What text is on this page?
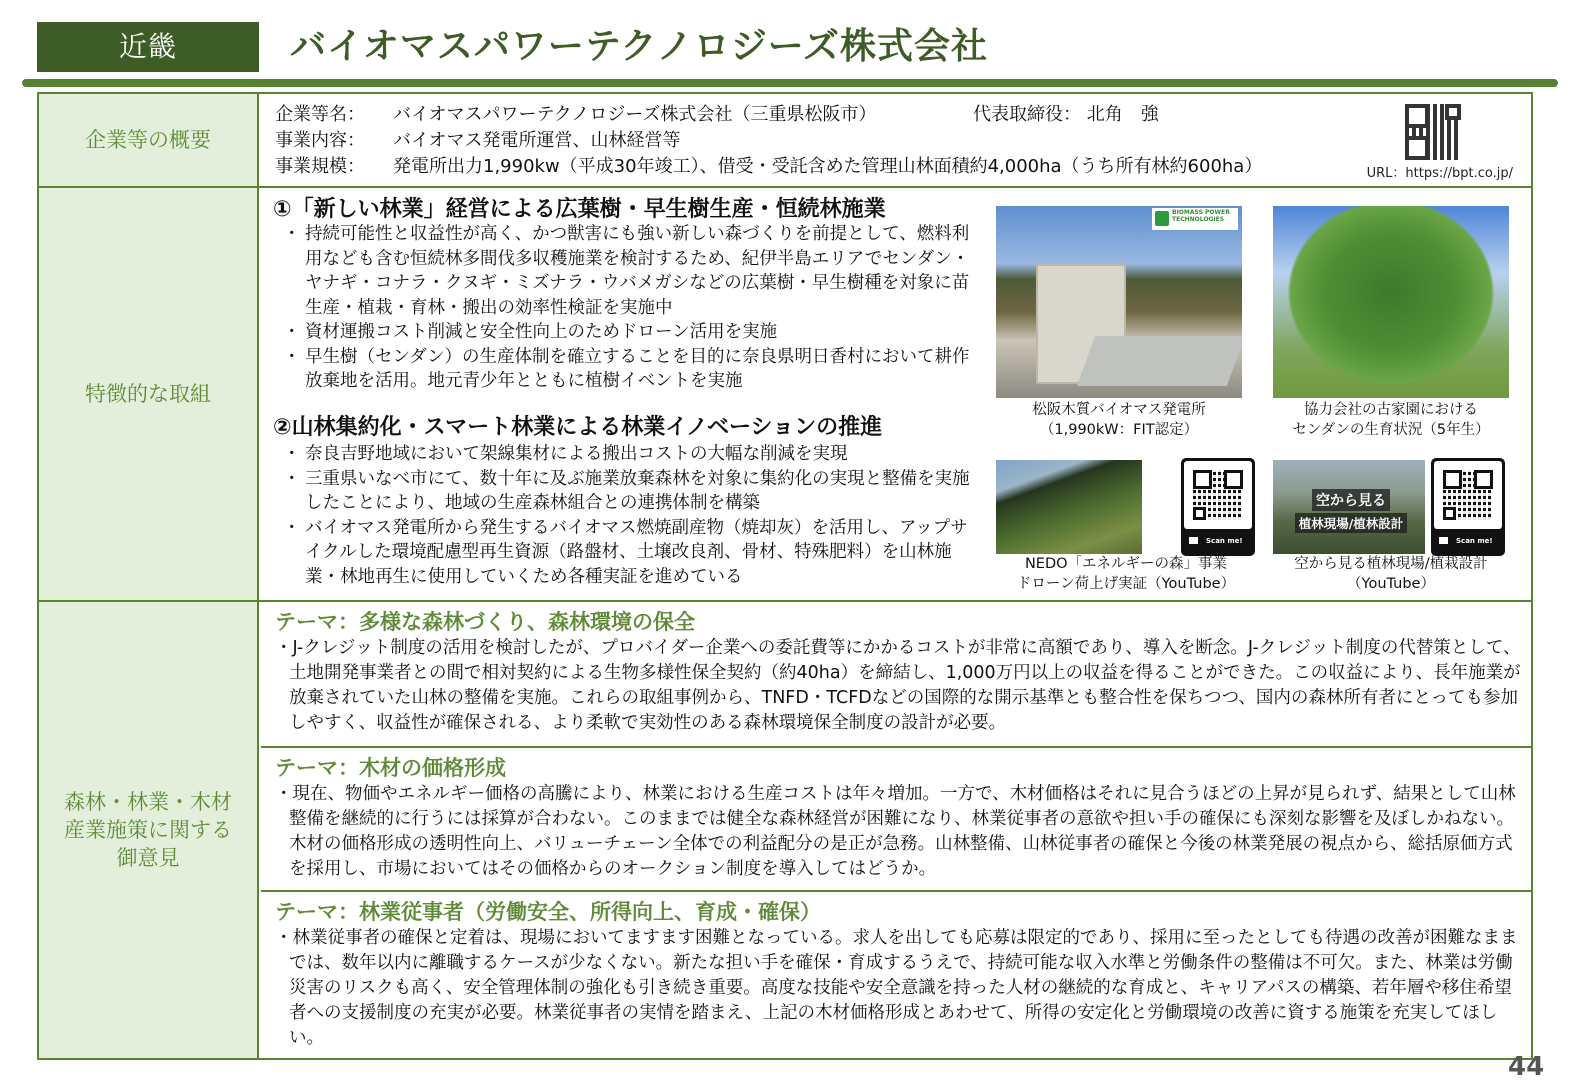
近畿	バイオマスパワーテクノロジーズ株式会社
企業等の概要
企業等名： バイオマスパワーテクノロジーズ株式会社（三重県松阪市）	代表取締役： 北角　強
事業内容： バイオマス発電所運営、山林経営等
事業規模： 発電所出力1,990kw（平成30年竣工）、借受・受託含めた管理山林面積約4,000ha（うち所有林約600ha）	URL：https://bpt.co.jp/
特徴的な取組
①「新しい林業」経営による広葉樹・早生樹生産・恒続林施業
・ 持続可能性と収益性が高く、かつ獣害にも強い新しい森づくりを前提として、燃料利用なども含む恒続林多間伐多収穫施業を検討するため、紀伊半島エリアでセンダン・ヤナギ・コナラ・クヌギ・ミズナラ・ウバメガシなどの広葉樹・早生樹種を対象に苗生産・植栽・育林・搬出の効率性検証を実施中
・ 資材運搬コスト削減と安全性向上のためドローン活用を実施
・ 早生樹（センダン）の生産体制を確立することを目的に奈良県明日香村において耕作放棄地を活用。地元青少年とともに植樹イベントを実施
②山林集約化・スマート林業による林業イノベーションの推進
・ 奈良吉野地域において架線集材による搬出コストの大幅な削減を実現
・ 三重県いなべ市にて、数十年に及ぶ施業放棄森林を対象に集約化の実現と整備を実施したことにより、地域の生産森林組合との連携体制を構築
・ バイオマス発電所から発生するバイオマス燃焼副産物（焼却灰）を活用し、アップサイクルした環境配慮型再生資源（路盤材、土壌改良剤、骨材、特殊肥料）を山林施業・林地再生に使用していくため各種実証を進めている
BIOMASS POWER TECHNOLOGIES
松阪木質バイオマス発電所
（1,990kW：FIT認定）
協力会社の古家園における
センダンの生育状況（5年生）
Scan me!
NEDO「エネルギーの森」事業
ドローン荷上げ実証（YouTube）
空から見る
植林現場/植林設計
Scan me!
空から見る植林現場/植栽設計
（YouTube）
森林・林業・木材産業施策に関する御意見
テーマ：多様な森林づくり、森林環境の保全
・J-クレジット制度の活用を検討したが、プロバイダー企業への委託費等にかかるコストが非常に高額であり、導入を断念。J-クレジット制度の代替策として、土地開発事業者との間で相対契約による生物多様性保全契約（約40ha）を締結し、1,000万円以上の収益を得ることができた。この収益により、長年施業が放棄されていた山林の整備を実施。これらの取組事例から、TNFD・TCFDなどの国際的な開示基準とも整合性を保ちつつ、国内の森林所有者にとっても参加しやすく、収益性が確保される、より柔軟で実効性のある森林環境保全制度の設計が必要。
テーマ：木材の価格形成
・現在、物価やエネルギー価格の高騰により、林業における生産コストは年々増加。一方で、木材価格はそれに見合うほどの上昇が見られず、結果として山林整備を継続的に行うには採算が合わない。このままでは健全な森林経営が困難になり、林業従事者の意欲や担い手の確保にも深刻な影響を及ぼしかねない。木材の価格形成の透明性向上、バリューチェーン全体での利益配分の是正が急務。山林整備、山林従事者の確保と今後の林業発展の視点から、総括原価方式を採用し、市場においてはその価格からのオークション制度を導入してはどうか。
テーマ：林業従事者（労働安全、所得向上、育成・確保）
・林業従事者の確保と定着は、現場においてますます困難となっている。求人を出しても応募は限定的であり、採用に至ったとしても待遇の改善が困難なままでは、数年以内に離職するケースが少なくない。新たな担い手を確保・育成するうえで、持続可能な収入水準と労働条件の整備は不可欠。また、林業は労働災害のリスクも高く、安全管理体制の強化も引き続き重要。高度な技能や安全意識を持った人材の継続的な育成と、キャリアパスの構築、若年層や移住希望者への支援制度の充実が必要。林業従事者の実情を踏まえ、上記の木材価格形成とあわせて、所得の安定化と労働環境の改善に資する施策を充実してほしい。
44
